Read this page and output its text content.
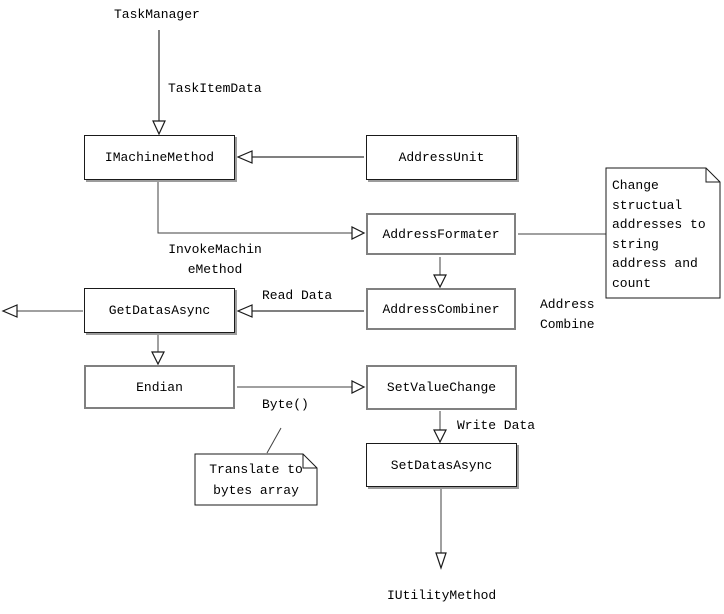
IMachineMethod	AddressUnit
AddressFormater
AddressCombiner
GetDatasAsync
Endian	SetValueChange
SetDatasAsync
TaskManager
IUtilityMethod
TaskItemData
InvokeMachin
eMethod
Read Data
Address
Combine
Byte()
Write Data
Change
structual
addresses to
string
address and
count
Translate to
bytes array
